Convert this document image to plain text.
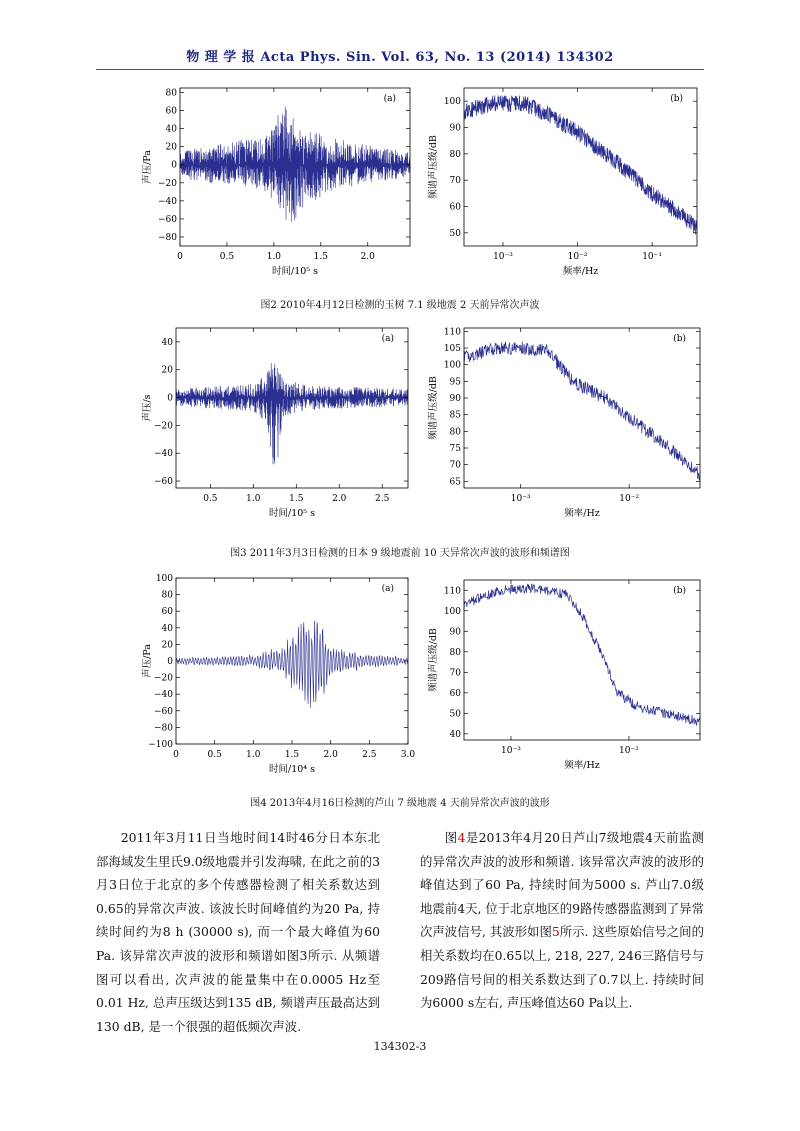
物 理 学 报 Acta Phys. Sin. Vol. 63, No. 13 (2014) 134302
0	0.5	1.0	1.5	2.0
−80
−60
−40
−20
0
20
40
60
80
(a)
时间/10⁵ s
声压/Pa
10⁻³	10⁻²	10⁻¹
50
60
70
80
90
100	(b)
频率/Hz
频谱声压级/dB
图2 2010年4月12日检测的玉树 7.1 级地震 2 天前异常次声波
0.5	1.0	1.5	2.0	2.5
−60
−40
−20
0
20
40	(a)
时间/10⁵ s
声压/s
10⁻³	10⁻²
65
70
75
80
85
90
95
100
105
110
(b)
频率/Hz
频谱声压级/dB
图3 2011年3月3日检测的日本 9 级地震前 10 天异常次声波的波形和频谱图
0	0.5	1.0	1.5	2.0	2.5	3.0
−100
−80
−60
−40
−20
0
20
40
60
80
100
(a)
时间/10⁴ s
声压/Pa
10⁻³	10⁻²
40
50
60
70
80
90
100
110	(b)
频率/Hz
频谱声压级/dB
图4 2013年4月16日检测的芦山 7 级地震 4 天前异常次声波的波形

2011年3月11日当地时间14时46分日本东北部海域发生里氏9.0级地震并引发海啸, 在此之前的3月3日位于北京的多个传感器检测了相关系数达到0.65的异常次声波. 该波长时间峰值约为20 Pa, 持续时间约为8 h (30000 s), 而一个最大峰值为60 Pa. 该异常次声波的波形和频谱如图3所示. 从频谱图可以看出, 次声波的能量集中在0.0005 Hz至0.01 Hz, 总声压级达到135 dB, 频谱声压最高达到130 dB, 是一个很强的超低频次声波.

图4是2013年4月20日芦山7级地震4天前监测的异常次声波的波形和频谱. 该异常次声波的波形的峰值达到了60 Pa, 持续时间为5000 s. 芦山7.0级地震前4天, 位于北京地区的9路传感器监测到了异常次声波信号, 其波形如图5所示. 这些原始信号之间的相关系数均在0.65以上, 218, 227, 246三路信号与209路信号间的相关系数达到了0.7以上. 持续时间为6000 s左右, 声压峰值达60 Pa以上.

134302-3
